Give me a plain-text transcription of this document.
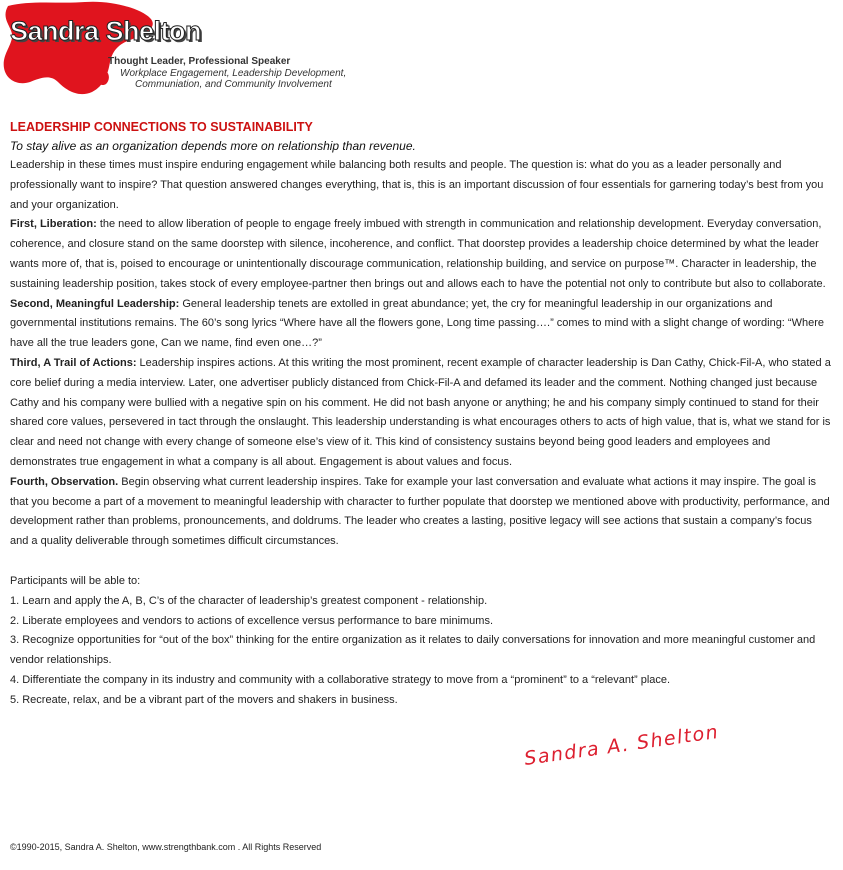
Sandra Shelton
Thought Leader, Professional Speaker
Workplace Engagement, Leadership Development,
Communiation, and Community Involvement
LEADERSHIP CONNECTIONS TO SUSTAINABILITY

To stay alive as an organization depends more on relationship than revenue.

Leadership in these times must inspire enduring engagement while balancing both results and people. The question is: what do you as a leader personally and professionally want to inspire? That question answered changes everything, that is, this is an important discussion of four essentials for garnering today’s best from you and your organization.

First, Liberation: the need to allow liberation of people to engage freely imbued with strength in communication and relationship development. Everyday conversation, coherence, and closure stand on the same doorstep with silence, incoherence, and conflict. That doorstep provides a leadership choice determined by what the leader wants more of, that is, poised to encourage or unintentionally discourage communication, relationship building, and service on purpose™. Character in leadership, the sustaining leadership position, takes stock of every employee-partner then brings out and allows each to have the potential not only to contribute but also to collaborate.

Second, Meaningful Leadership: General leadership tenets are extolled in great abundance; yet, the cry for meaningful leadership in our organizations and governmental institutions remains. The 60’s song lyrics “Where have all the flowers gone, Long time passing….” comes to mind with a slight change of wording: “Where have all the true leaders gone, Can we name, find even one…?”

Third, A Trail of Actions: Leadership inspires actions. At this writing the most prominent, recent example of character leadership is Dan Cathy, Chick-Fil-A, who stated a core belief during a media interview. Later, one advertiser publicly distanced from Chick-Fil-A and defamed its leader and the comment. Nothing changed just because Cathy and his company were bullied with a negative spin on his comment. He did not bash anyone or anything; he and his company simply continued to stand for their shared core values, persevered in tact through the onslaught. This leadership understanding is what encourages others to acts of high value, that is, what we stand for is clear and need not change with every change of someone else’s view of it. This kind of consistency sustains beyond being good leaders and employees and demonstrates true engagement in what a company is all about. Engagement is about values and focus.

Fourth, Observation. Begin observing what current leadership inspires. Take for example your last conversation and evaluate what actions it may inspire. The goal is that you become a part of a movement to meaningful leadership with character to further populate that doorstep we mentioned above with productivity, performance, and development rather than problems, pronouncements, and doldrums. The leader who creates a lasting, positive legacy will see actions that sustain a company’s focus and a quality deliverable through sometimes difficult circumstances.

Participants will be able to:

1. Learn and apply the A, B, C’s of the character of leadership’s greatest component - relationship.

2. Liberate employees and vendors to actions of excellence versus performance to bare minimums.

3. Recognize opportunities for “out of the box” thinking for the entire organization as it relates to daily conversations for innovation and more meaningful customer and vendor relationships.

4. Differentiate the company in its industry and community with a collaborative strategy to move from a “prominent” to a “relevant” place.

5. Recreate, relax, and be a vibrant part of the movers and shakers in business.

Sandra A. Shelton
©1990-2015, Sandra A. Shelton, www.strengthbank.com . All Rights Reserved
